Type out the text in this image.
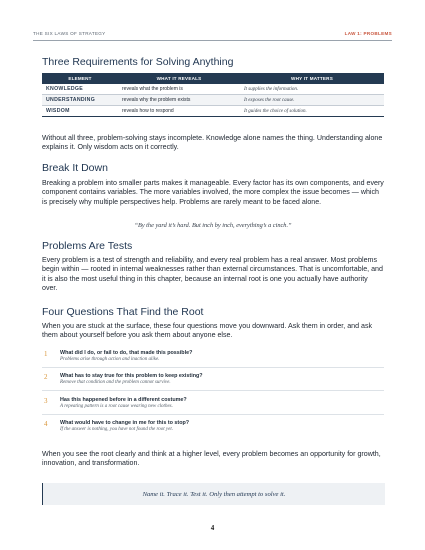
THE SIX LAWS OF STRATEGY	LAW 1: PROBLEMS
Three Requirements for Solving Anything
ELEMENT	WHAT IT REVEALS	WHY IT MATTERS
KNOWLEDGE	reveals what the problem is	It supplies the information.
UNDERSTANDING	reveals why the problem exists	It exposes the root cause.
WISDOM	reveals how to respond	It guides the choice of solution.

Without all three, problem-solving stays incomplete. Knowledge alone names the thing. Understanding alone explains it. Only wisdom acts on it correctly.

Break It Down

Breaking a problem into smaller parts makes it manageable. Every factor has its own components, and every component contains variables. The more variables involved, the more complex the issue becomes — which is precisely why multiple perspectives help. Problems are rarely meant to be faced alone.

“By the yard it’s hard. But inch by inch, everything’s a cinch.”
Problems Are Tests

Every problem is a test of strength and reliability, and every real problem has a real answer. Most problems begin within — rooted in internal weaknesses rather than external circumstances. That is uncomfortable, and it is also the most useful thing in this chapter, because an internal root is one you actually have authority over.

Four Questions That Find the Root

When you are stuck at the surface, these four questions move you downward. Ask them in order, and ask them about yourself before you ask them about anyone else.

1	What did I do, or fail to do, that made this possible?
Problems arise through action and inaction alike.
2	What has to stay true for this problem to keep existing?
Remove that condition and the problem cannot survive.
3	Has this happened before in a different costume?
A repeating pattern is a root cause wearing new clothes.
4	What would have to change in me for this to stop?
If the answer is nothing, you have not found the root yet.

When you see the root clearly and think at a higher level, every problem becomes an opportunity for growth, innovation, and transformation.

Name it. Trace it. Test it. Only then attempt to solve it.
4
